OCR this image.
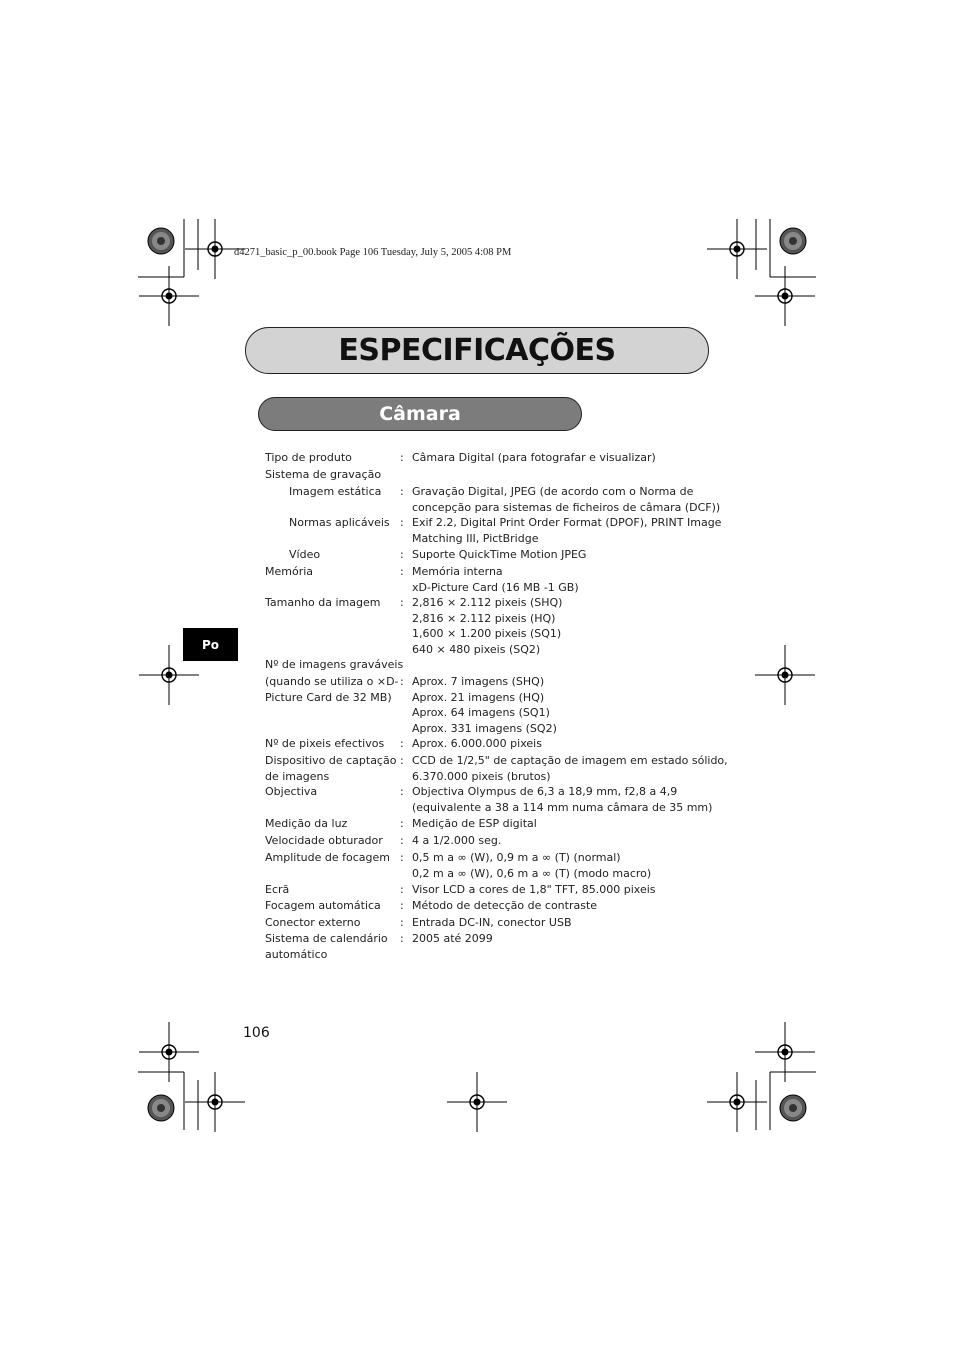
d4271_basic_p_00.book Page 106 Tuesday, July 5, 2005 4:08 PM
ESPECIFICAÇÕES
Câmara
Po
Tipo de produto	: Câmara Digital (para fotografar e visualizar)
Sistema de gravação
Imagem estática	: Gravação Digital, JPEG (de acordo com o Norma de
concepção para sistemas de ficheiros de câmara (DCF))
Normas aplicáveis : Exif 2.2, Digital Print Order Format (DPOF), PRINT Image
Matching III, PictBridge
Vídeo	: Suporte QuickTime Motion JPEG
Memória	: Memória interna
xD-Picture Card (16 MB -1 GB)
Tamanho da imagem	: 2,816 × 2.112 pixeis (SHQ)
2,816 × 2.112 pixeis (HQ)
1,600 × 1.200 pixeis (SQ1)
640 × 480 pixeis (SQ2)
Nº de imagens graváveis
(quando se utiliza o ×D-
Picture Card de 32 MB)
: Aprox. 7 imagens (SHQ)
Aprox. 21 imagens (HQ)
Aprox. 64 imagens (SQ1)
Aprox. 331 imagens (SQ2)
Nº de pixeis efectivos	: Aprox. 6.000.000 pixeis
Dispositivo de captação
de imagens
: CCD de 1/2,5" de captação de imagem em estado sólido,
6.370.000 pixeis (brutos)
Objectiva	: Objectiva Olympus de 6,3 a 18,9 mm, f2,8 a 4,9
(equivalente a 38 a 114 mm numa câmara de 35 mm)
Medição da luz	: Medição de ESP digital
Velocidade obturador	: 4 a 1/2.000 seg.
Amplitude de focagem : 0,5 m a ∞ (W), 0,9 m a ∞ (T) (normal)
0,2 m a ∞ (W), 0,6 m a ∞ (T) (modo macro)
Ecrã	: Visor LCD a cores de 1,8" TFT, 85.000 pixeis
Focagem automática	: Método de detecção de contraste
Conector externo	: Entrada DC-IN, conector USB
Sistema de calendário
automático
: 2005 até 2099
106
